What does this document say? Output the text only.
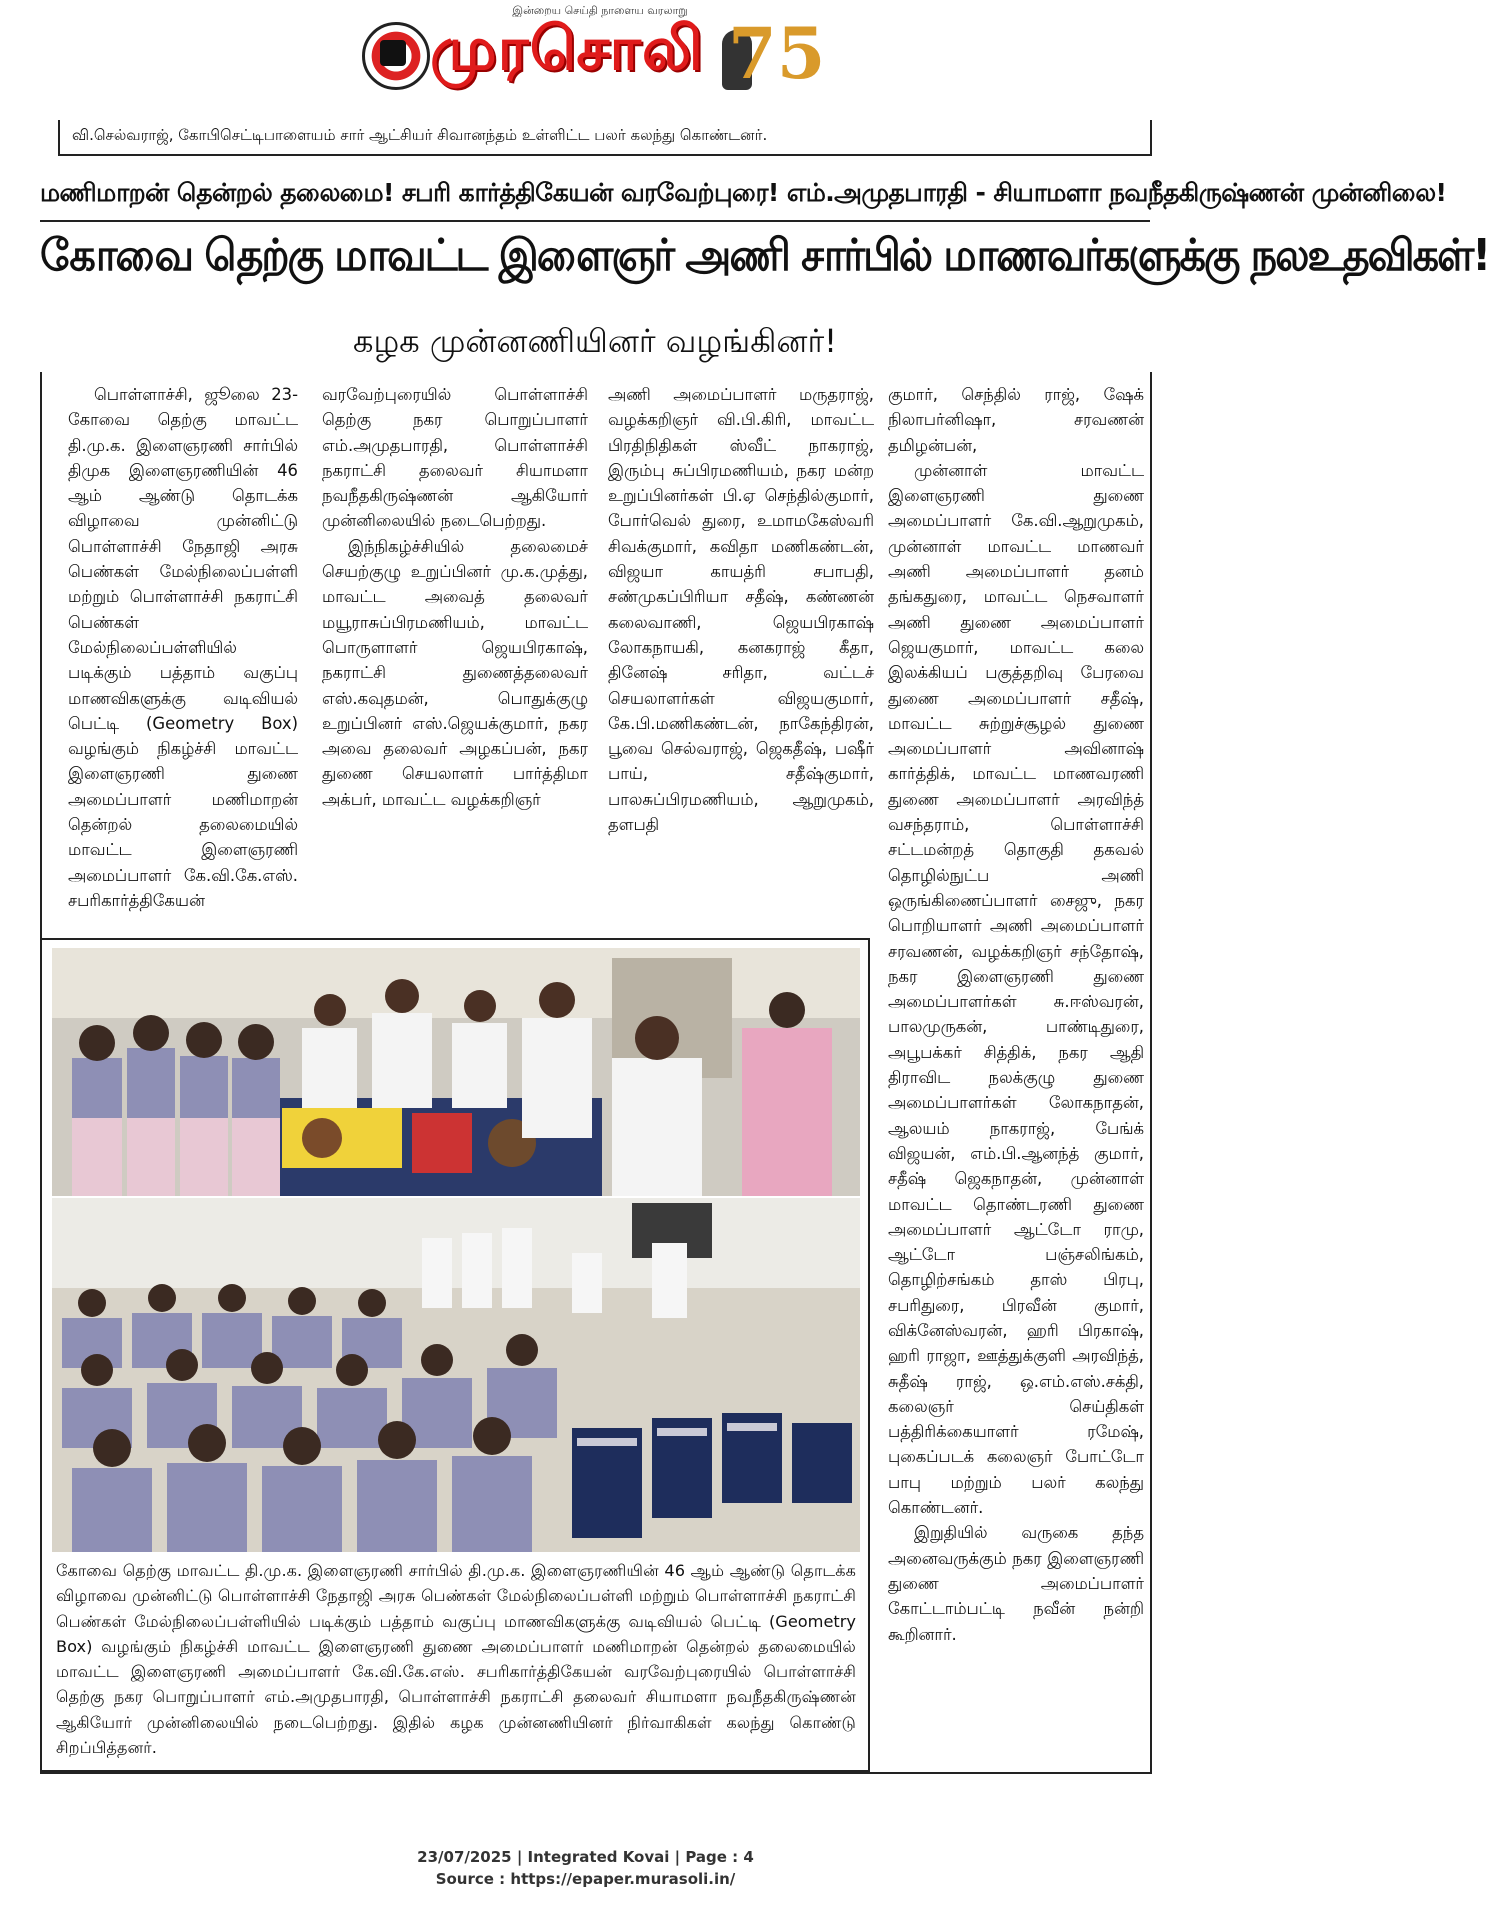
இன்றைய செய்தி நாளைய வரலாறு
முரசொலி 75
வி.செல்வராஜ், கோபிசெட்டிபாளையம் சார் ஆட்சியர் சிவானந்தம் உள்ளிட்ட பலர் கலந்து கொண்டனர்.
மணிமாறன் தென்றல் தலைமை! சபரி கார்த்திகேயன் வரவேற்புரை! எம்.அமுதபாரதி - சியாமளா நவநீதகிருஷ்ணன் முன்னிலை!
கோவை தெற்கு மாவட்ட இளைஞர் அணி சார்பில் மாணவர்களுக்கு நலஉதவிகள்!
கழக முன்னணியினர் வழங்கினர்!

பொள்ளாச்சி, ஜூலை 23- கோவை தெற்கு மாவட்ட தி.மு.க. இளைஞரணி சார்பில் திமுக இளைஞரணியின் 46 ஆம் ஆண்டு தொடக்க விழாவை முன்னிட்டு பொள்ளாச்சி நேதாஜி அரசு பெண்கள் மேல்நிலைப்பள்ளி மற்றும் பொள்ளாச்சி நகராட்சி பெண்கள் மேல்நிலைப்பள்ளியில் படிக்கும் பத்தாம் வகுப்பு மாணவிகளுக்கு வடிவியல் பெட்டி (Geometry Box) வழங்கும் நிகழ்ச்சி மாவட்ட இளைஞரணி துணை அமைப்பாளர் மணிமாறன் தென்றல் தலைமையில் மாவட்ட இளைஞரணி அமைப்பாளர் கே.வி.கே.எஸ். சபரிகார்த்திகேயன்

வரவேற்புரையில் பொள்ளாச்சி தெற்கு நகர பொறுப்பாளர் எம்.அமுதபாரதி, பொள்ளாச்சி நகராட்சி தலைவர் சியாமளா நவநீதகிருஷ்ணன் ஆகியோர் முன்னிலையில் நடைபெற்றது.

இந்நிகழ்ச்சியில் தலைமைச் செயற்குழு உறுப்பினர் மு.க.முத்து, மாவட்ட அவைத் தலைவர் மயூராசுப்பிரமணியம், மாவட்ட பொருளாளர் ஜெயபிரகாஷ், நகராட்சி துணைத்தலைவர் எஸ்.கவுதமன், பொதுக்குழு உறுப்பினர் எஸ்.ஜெயக்குமார், நகர அவை தலைவர் அழகப்பன், நகர துணை செயலாளர் பார்த்திமா அக்பர், மாவட்ட வழக்கறிஞர்

அணி அமைப்பாளர் மருதராஜ், வழக்கறிஞர் வி.பி.கிரி, மாவட்ட பிரதிநிதிகள் ஸ்வீட் நாகராஜ், இரும்பு சுப்பிரமணியம், நகர மன்ற உறுப்பினர்கள் பி.ஏ செந்தில்குமார், போர்வெல் துரை, உமாமகேஸ்வரி சிவக்குமார், கவிதா மணிகண்டன், விஜயா காயத்ரி சபாபதி, சண்முகப்பிரியா சதீஷ், கண்ணன் கலைவாணி, ஜெயபிரகாஷ் லோகநாயகி, கனகராஜ் கீதா, தினேஷ் சரிதா, வட்டச் செயலாளர்கள் விஜயகுமார், கே.பி.மணிகண்டன், நாகேந்திரன், பூவை செல்வராஜ், ஜெகதீஷ், பஷீர் பாய், சதீஷ்குமார், பாலசுப்பிரமணியம், ஆறுமுகம், தளபதி

குமார், செந்தில் ராஜ், ஷேக் நிலாபர்னிஷா, சரவணன் தமிழன்பன்,

முன்னாள் மாவட்ட இளைஞரணி துணை அமைப்பாளர் கே.வி.ஆறுமுகம், முன்னாள் மாவட்ட மாணவர் அணி அமைப்பாளர் தனம் தங்கதுரை, மாவட்ட நெசவாளர் அணி துணை அமைப்பாளர் ஜெயகுமார், மாவட்ட கலை இலக்கியப் பகுத்தறிவு பேரவை துணை அமைப்பாளர் சதீஷ், மாவட்ட சுற்றுச்சூழல் துணை அமைப்பாளர் அவினாஷ் கார்த்திக், மாவட்ட மாணவரணி துணை அமைப்பாளர் அரவிந்த் வசந்தராம், பொள்ளாச்சி சட்டமன்றத் தொகுதி தகவல் தொழில்நுட்ப அணி ஒருங்கிணைப்பாளர் சைஜு, நகர பொறியாளர் அணி அமைப்பாளர் சரவணன், வழக்கறிஞர் சந்தோஷ், நகர இளைஞரணி துணை அமைப்பாளர்கள் சு.ஈஸ்வரன், பாலமுருகன், பாண்டிதுரை, அபூபக்கர் சித்திக், நகர ஆதி திராவிட நலக்குழு துணை அமைப்பாளர்கள் லோகநாதன், ஆலயம் நாகராஜ், பேங்க் விஜயன், எம்.பி.ஆனந்த் குமார், சதீஷ் ஜெகநாதன், முன்னாள் மாவட்ட தொண்டரணி துணை அமைப்பாளர் ஆட்டோ ராமு, ஆட்டோ பஞ்சலிங்கம், தொழிற்சங்கம் தாஸ் பிரபு, சபரிதுரை, பிரவீன் குமார், விக்னேஸ்வரன், ஹரி பிரகாஷ், ஹரி ராஜா, ஊத்துக்குளி அரவிந்த், சுதீஷ் ராஜ், ஒ.எம்.எஸ்.சக்தி, கலைஞர் செய்திகள் பத்திரிக்கையாளர் ரமேஷ், புகைப்படக் கலைஞர் போட்டோ பாபு மற்றும் பலர் கலந்து கொண்டனர்.

இறுதியில் வருகை தந்த அனைவருக்கும் நகர இளைஞரணி துணை அமைப்பாளர் கோட்டாம்பட்டி நவீன் நன்றி கூறினார்.

கோவை தெற்கு மாவட்ட தி.மு.க. இளைஞரணி சார்பில் தி.மு.க. இளைஞரணியின் 46 ஆம் ஆண்டு தொடக்க விழாவை முன்னிட்டு பொள்ளாச்சி நேதாஜி அரசு பெண்கள் மேல்நிலைப்பள்ளி மற்றும் பொள்ளாச்சி நகராட்சி பெண்கள் மேல்நிலைப்பள்ளியில் படிக்கும் பத்தாம் வகுப்பு மாணவிகளுக்கு வடிவியல் பெட்டி (Geometry Box) வழங்கும் நிகழ்ச்சி மாவட்ட இளைஞரணி துணை அமைப்பாளர் மணிமாறன் தென்றல் தலைமையில் மாவட்ட இளைஞரணி அமைப்பாளர் கே.வி.கே.எஸ். சபரிகார்த்திகேயன் வரவேற்புரையில் பொள்ளாச்சி தெற்கு நகர பொறுப்பாளர் எம்.அமுதபாரதி, பொள்ளாச்சி நகராட்சி தலைவர் சியாமளா நவநீதகிருஷ்ணன் ஆகியோர் முன்னிலையில் நடைபெற்றது. இதில் கழக முன்னணியினர் நிர்வாகிகள் கலந்து கொண்டு சிறப்பித்தனர்.
23/07/2025 | Integrated Kovai | Page : 4
Source : https://epaper.murasoli.in/
